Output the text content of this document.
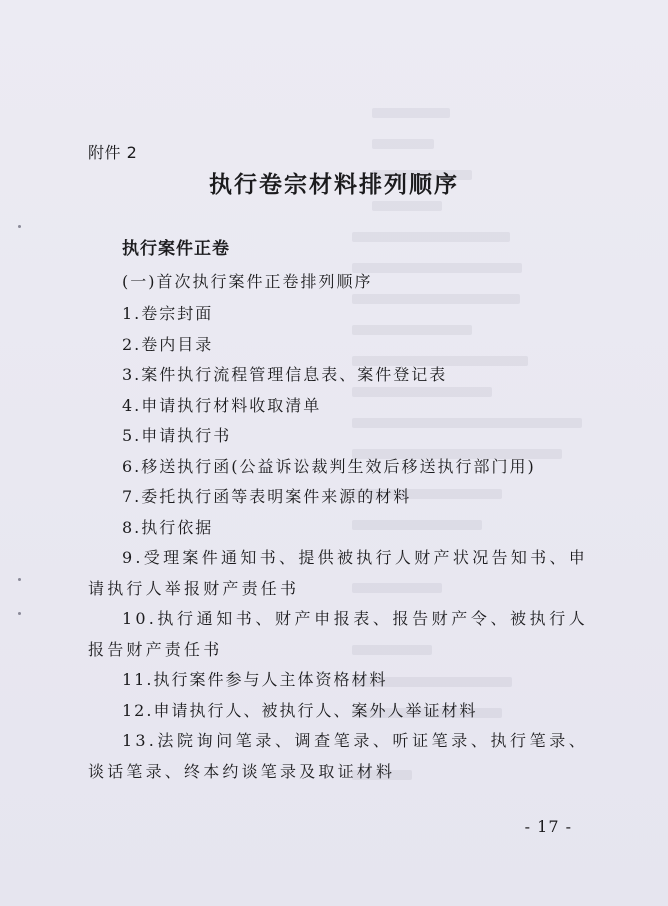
附件 2
执行卷宗材料排列顺序
执行案件正卷
(一)首次执行案件正卷排列顺序
1.卷宗封面
2.卷内目录
3.案件执行流程管理信息表、案件登记表
4.申请执行材料收取清单
5.申请执行书
6.移送执行函(公益诉讼裁判生效后移送执行部门用)
7.委托执行函等表明案件来源的材料
8.执行依据
9.受理案件通知书、提供被执行人财产状况告知书、申请执行人举报财产责任书
10.执行通知书、财产申报表、报告财产令、被执行人报告财产责任书
11.执行案件参与人主体资格材料
12.申请执行人、被执行人、案外人举证材料
13.法院询问笔录、调查笔录、听证笔录、执行笔录、谈话笔录、终本约谈笔录及取证材料
- 17 -
